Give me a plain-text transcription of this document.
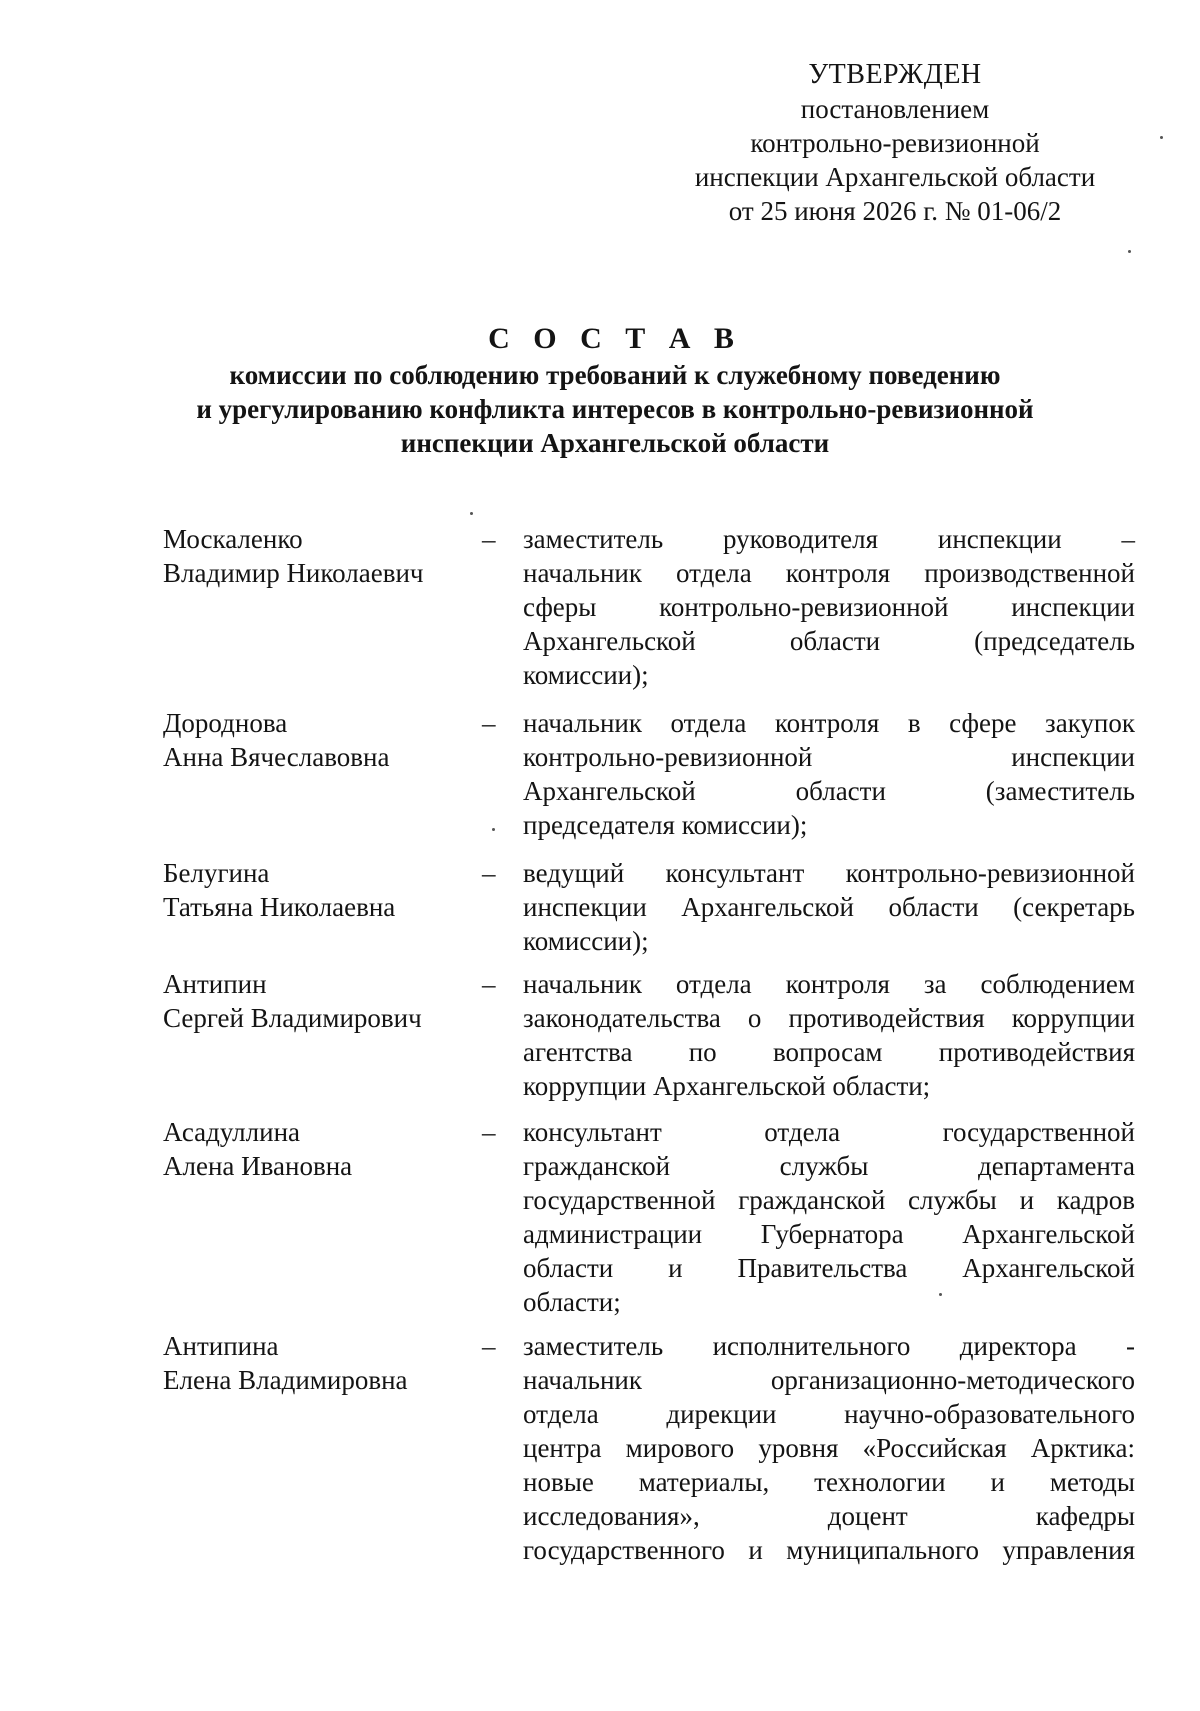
УТВЕРЖДЕН
постановлением
контрольно-ревизионной
инспекции Архангельской области
от 25 июня 2026 г. № 01-06/2
С О С Т А В
комиссии по соблюдению требований к служебному поведению
и урегулированию конфликта интересов в контрольно-ревизионной
инспекции Архангельской области
Москаленко
Владимир Николаевич
– заместитель руководителя инспекции –
начальник отдела контроля производственной
сферы контрольно-ревизионной инспекции
Архангельской области (председатель
комиссии);
Дороднова
Анна Вячеславовна
– начальник отдела контроля в сфере закупок
контрольно-ревизионной инспекции
Архангельской области (заместитель
председателя комиссии);
Белугина
Татьяна Николаевна
– ведущий консультант контрольно-ревизионной
инспекции Архангельской области (секретарь
комиссии);
Антипин
Сергей Владимирович
– начальник отдела контроля за соблюдением
законодательства о противодействия коррупции
агентства по вопросам противодействия
коррупции Архангельской области;
Асадуллина
Алена Ивановна
– консультант отдела государственной
гражданской службы департамента
государственной гражданской службы и кадров
администрации Губернатора Архангельской
области и Правительства Архангельской
области;
Антипина
Елена Владимировна
– заместитель исполнительного директора -
начальник организационно-методического
отдела дирекции научно-образовательного
центра мирового уровня «Российская Арктика:
новые материалы, технологии и методы
исследования», доцент кафедры
государственного и муниципального управления
